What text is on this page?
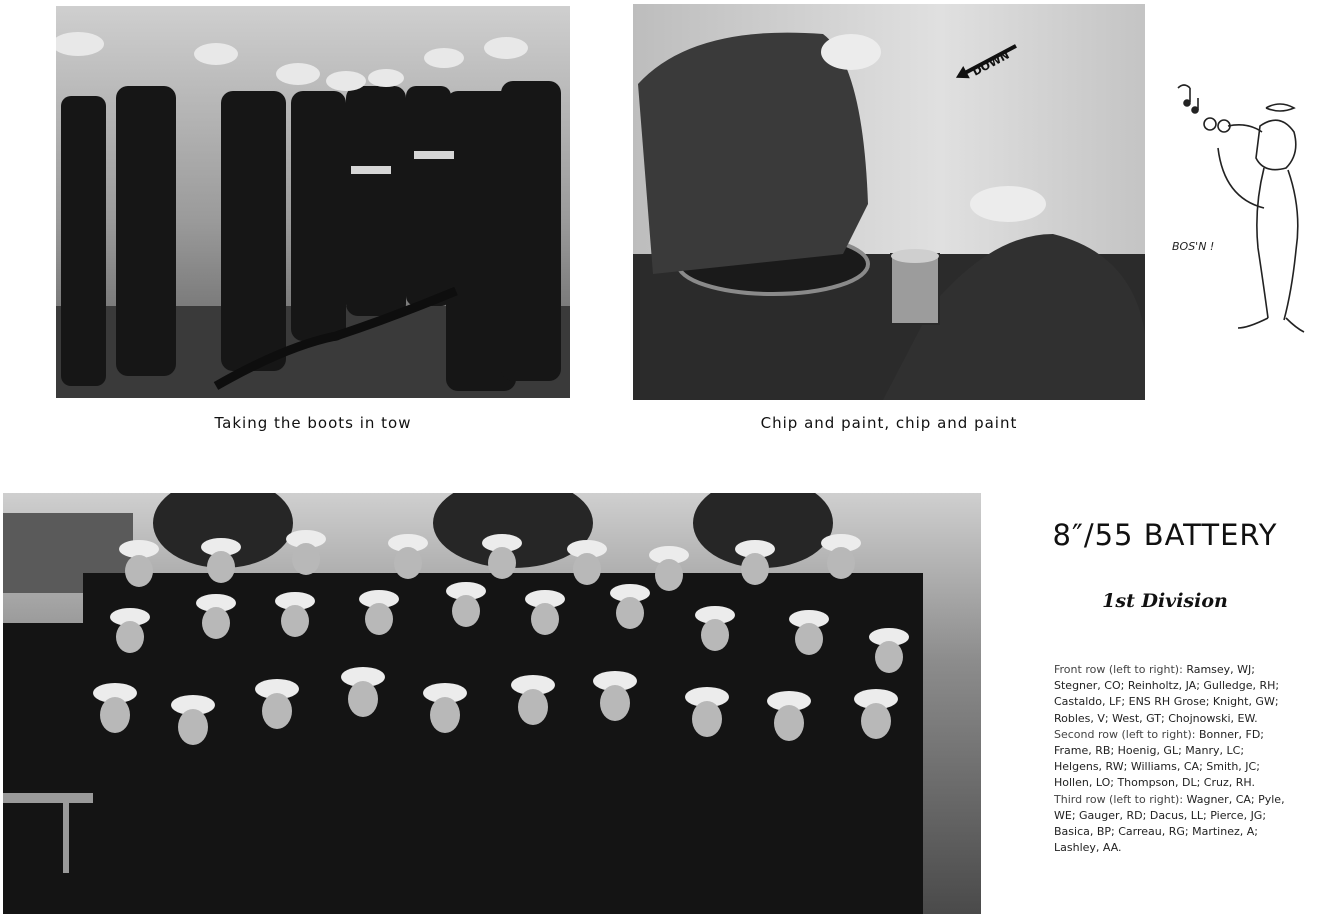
Taking the boots in tow
DOWN
Chip and paint, chip and paint
BOS'N !
8″/55 BATTERY
1st Division

Front row (left to right): Ramsey, WJ; Stegner, CO; Reinholtz, JA; Gulledge, RH; Castaldo, LF; ENS RH Grose; Knight, GW; Robles, V; West, GT; Chojnowski, EW.

Second row (left to right): Bonner, FD; Frame, RB; Hoenig, GL; Manry, LC; Helgens, RW; Williams, CA; Smith, JC; Hollen, LO; Thompson, DL; Cruz, RH.

Third row (left to right): Wagner, CA; Pyle, WE; Gauger, RD; Dacus, LL; Pierce, JG; Basica, BP; Carreau, RG; Martinez, A; Lashley, AA.
